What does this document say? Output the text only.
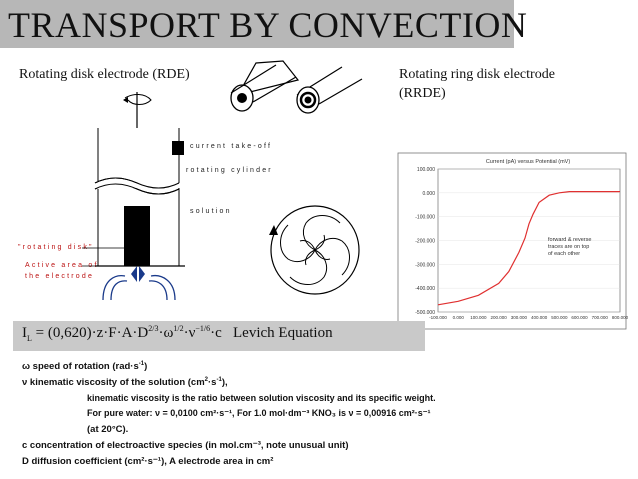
TRANSPORT BY CONVECTION
Rotating disk electrode (RDE)	Rotating ring disk electrode
(RRDE)
current take-off
rotating cylinder
solution
"rotating disk"
Active area of
the electrode
Current (pA) versus Potential (mV)
100.000
0.000
-100.000
-200.000
-300.000
-400.000
-500.000
-100.000 0.000 100.000 200.000 300.000 400.000 500.000 600.000 700.000 800.000
forward & reverse
traces are on top
of each other
$I_L = (0,620)\cdot z\cdot F\cdot A\cdot D^{2/3}\cdot\omega^{1/2}\cdot\nu^{-1/6}\cdot c$ Levich Equation
ω speed of rotation $(rad\cdot s^{-1})$
ν kinematic viscosity of the solution $(cm^2\cdot s^{-1})$,
kinematic viscosity is the ratio between solution viscosity and its specific weight.
For pure water: ν = 0,0100 cm²·s⁻¹, For 1.0 mol·dm⁻³ KNO₃ is ν = 0,00916 cm²·s⁻¹
(at 20°C).
c concentration of electroactive species (in mol.cm⁻³, note unusual unit)
D diffusion coefficient (cm²·s⁻¹), A electrode area in cm²
